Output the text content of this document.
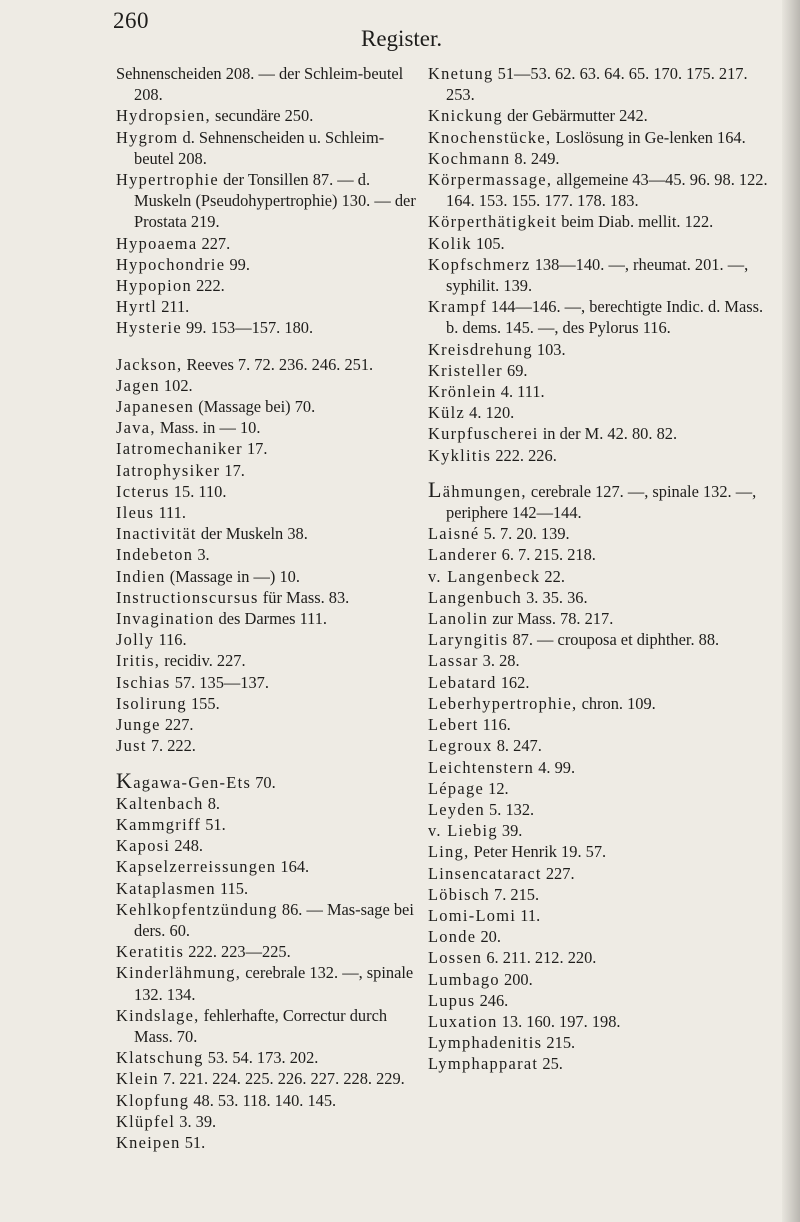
260
Register.
Sehnenscheiden 208. — der Schleim-beutel 208.
Hydropsien, secundäre 250.
Hygrom d. Sehnenscheiden u. Schleim-beutel 208.
Hypertrophie der Tonsillen 87. — d. Muskeln (Pseudohypertrophie) 130. — der Prostata 219.
Hypoaema 227.
Hypochondrie 99.
Hypopion 222.
Hyrtl 211.
Hysterie 99. 153—157. 180.
Jackson, Reeves 7. 72. 236. 246. 251.
Jagen 102.
Japanesen (Massage bei) 70.
Java, Mass. in — 10.
Iatromechaniker 17.
Iatrophysiker 17.
Icterus 15. 110.
Ileus 111.
Inactivität der Muskeln 38.
Indebeton 3.
Indien (Massage in —) 10.
Instructionscursus für Mass. 83.
Invagination des Darmes 111.
Jolly 116.
Iritis, recidiv. 227.
Ischias 57. 135—137.
Isolirung 155.
Junge 227.
Just 7. 222.
Kagawa-Gen-Ets 70.
Kaltenbach 8.
Kammgriff 51.
Kaposi 248.
Kapselzerreissungen 164.
Kataplasmen 115.
Kehlkopfentzündung 86. — Mas-sage bei ders. 60.
Keratitis 222. 223—225.
Kinderlähmung, cerebrale 132. —, spinale 132. 134.
Kindslage, fehlerhafte, Correctur durch Mass. 70.
Klatschung 53. 54. 173. 202.
Klein 7. 221. 224. 225. 226. 227. 228. 229.
Klopfung 48. 53. 118. 140. 145.
Klüpfel 3. 39.
Kneipen 51.
Knetung 51—53. 62. 63. 64. 65. 170. 175. 217. 253.
Knickung der Gebärmutter 242.
Knochenstücke, Loslösung in Ge-lenken 164.
Kochmann 8. 249.
Körpermassage, allgemeine 43—45. 96. 98. 122. 164. 153. 155. 177. 178. 183.
Körperthätigkeit beim Diab. mellit. 122.
Kolik 105.
Kopfschmerz 138—140. —, rheumat. 201. —, syphilit. 139.
Krampf 144—146. —, berechtigte Indic. d. Mass. b. dems. 145. —, des Pylorus 116.
Kreisdrehung 103.
Kristeller 69.
Krönlein 4. 111.
Külz 4. 120.
Kurpfuscherei in der M. 42. 80. 82.
Kyklitis 222. 226.
Lähmungen, cerebrale 127. —, spinale 132. —, periphere 142—144.
Laisné 5. 7. 20. 139.
Landerer 6. 7. 215. 218.
v. Langenbeck 22.
Langenbuch 3. 35. 36.
Lanolin zur Mass. 78. 217.
Laryngitis 87. — crouposa et diphther. 88.
Lassar 3. 28.
Lebatard 162.
Leberhypertrophie, chron. 109.
Lebert 116.
Legroux 8. 247.
Leichtenstern 4. 99.
Lépage 12.
Leyden 5. 132.
v. Liebig 39.
Ling, Peter Henrik 19. 57.
Linsencataract 227.
Löbisch 7. 215.
Lomi-Lomi 11.
Londe 20.
Lossen 6. 211. 212. 220.
Lumbago 200.
Lupus 246.
Luxation 13. 160. 197. 198.
Lymphadenitis 215.
Lymphapparat 25.
